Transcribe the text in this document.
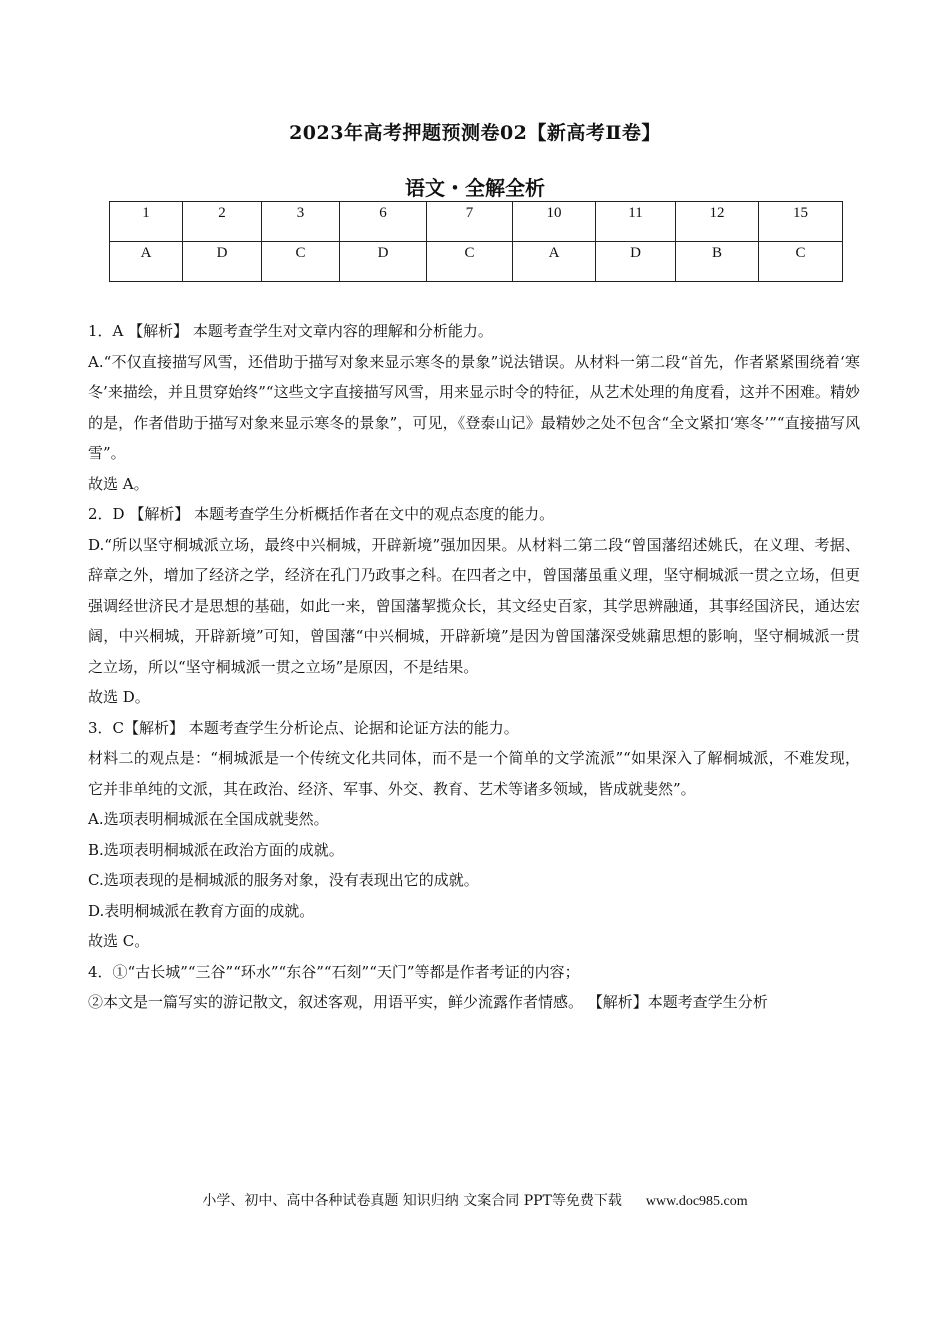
2023年高考押题预测卷02【新高考Ⅱ卷】
语文・全解全析
1	2	3	6	7	10	11	12	15
A	D	C	D	C	A	D	B	C

1．A 【解析】 本题考查学生对文章内容的理解和分析能力。

A.“不仅直接描写风雪，还借助于描写对象来显示寒冬的景象”说法错误。从材料一第二段“首先，作者紧紧围绕着‘寒冬’来描绘，并且贯穿始终”“这些文字直接描写风雪，用来显示时令的特征，从艺术处理的角度看，这并不困难。精妙的是，作者借助于描写对象来显示寒冬的景象”，可见，《登泰山记》最精妙之处不包含“全文紧扣‘寒冬’”“直接描写风雪”。

故选 A。

2．D 【解析】 本题考查学生分析概括作者在文中的观点态度的能力。

D.“所以坚守桐城派立场，最终中兴桐城，开辟新境”强加因果。从材料二第二段“曾国藩绍述姚氏，在义理、考据、辞章之外，增加了经济之学，经济在孔门乃政事之科。在四者之中，曾国藩虽重义理，坚守桐城派一贯之立场，但更强调经世济民才是思想的基础，如此一来，曾国藩挈揽众长，其文经史百家，其学思辨融通，其事经国济民，通达宏阔，中兴桐城，开辟新境”可知，曾国藩“中兴桐城，开辟新境”是因为曾国藩深受姚鼐思想的影响，坚守桐城派一贯之立场，所以“坚守桐城派一贯之立场”是原因，不是结果。

故选 D。

3．C【解析】 本题考查学生分析论点、论据和论证方法的能力。

材料二的观点是：“桐城派是一个传统文化共同体，而不是一个简单的文学流派”“如果深入了解桐城派，不难发现，它并非单纯的文派，其在政治、经济、军事、外交、教育、艺术等诸多领域，皆成就斐然”。

A.选项表明桐城派在全国成就斐然。

B.选项表明桐城派在政治方面的成就。

C.选项表现的是桐城派的服务对象，没有表现出它的成就。

D.表明桐城派在教育方面的成就。

故选 C。

4．①“古长城”“三谷”“环水”“东谷”“石刻”“天门”等都是作者考证的内容；

②本文是一篇写实的游记散文，叙述客观，用语平实，鲜少流露作者情感。 【解析】本题考查学生分析

小学、初中、高中各种试卷真题 知识归纳 文案合同 PPT等免费下载 www.doc985.com
